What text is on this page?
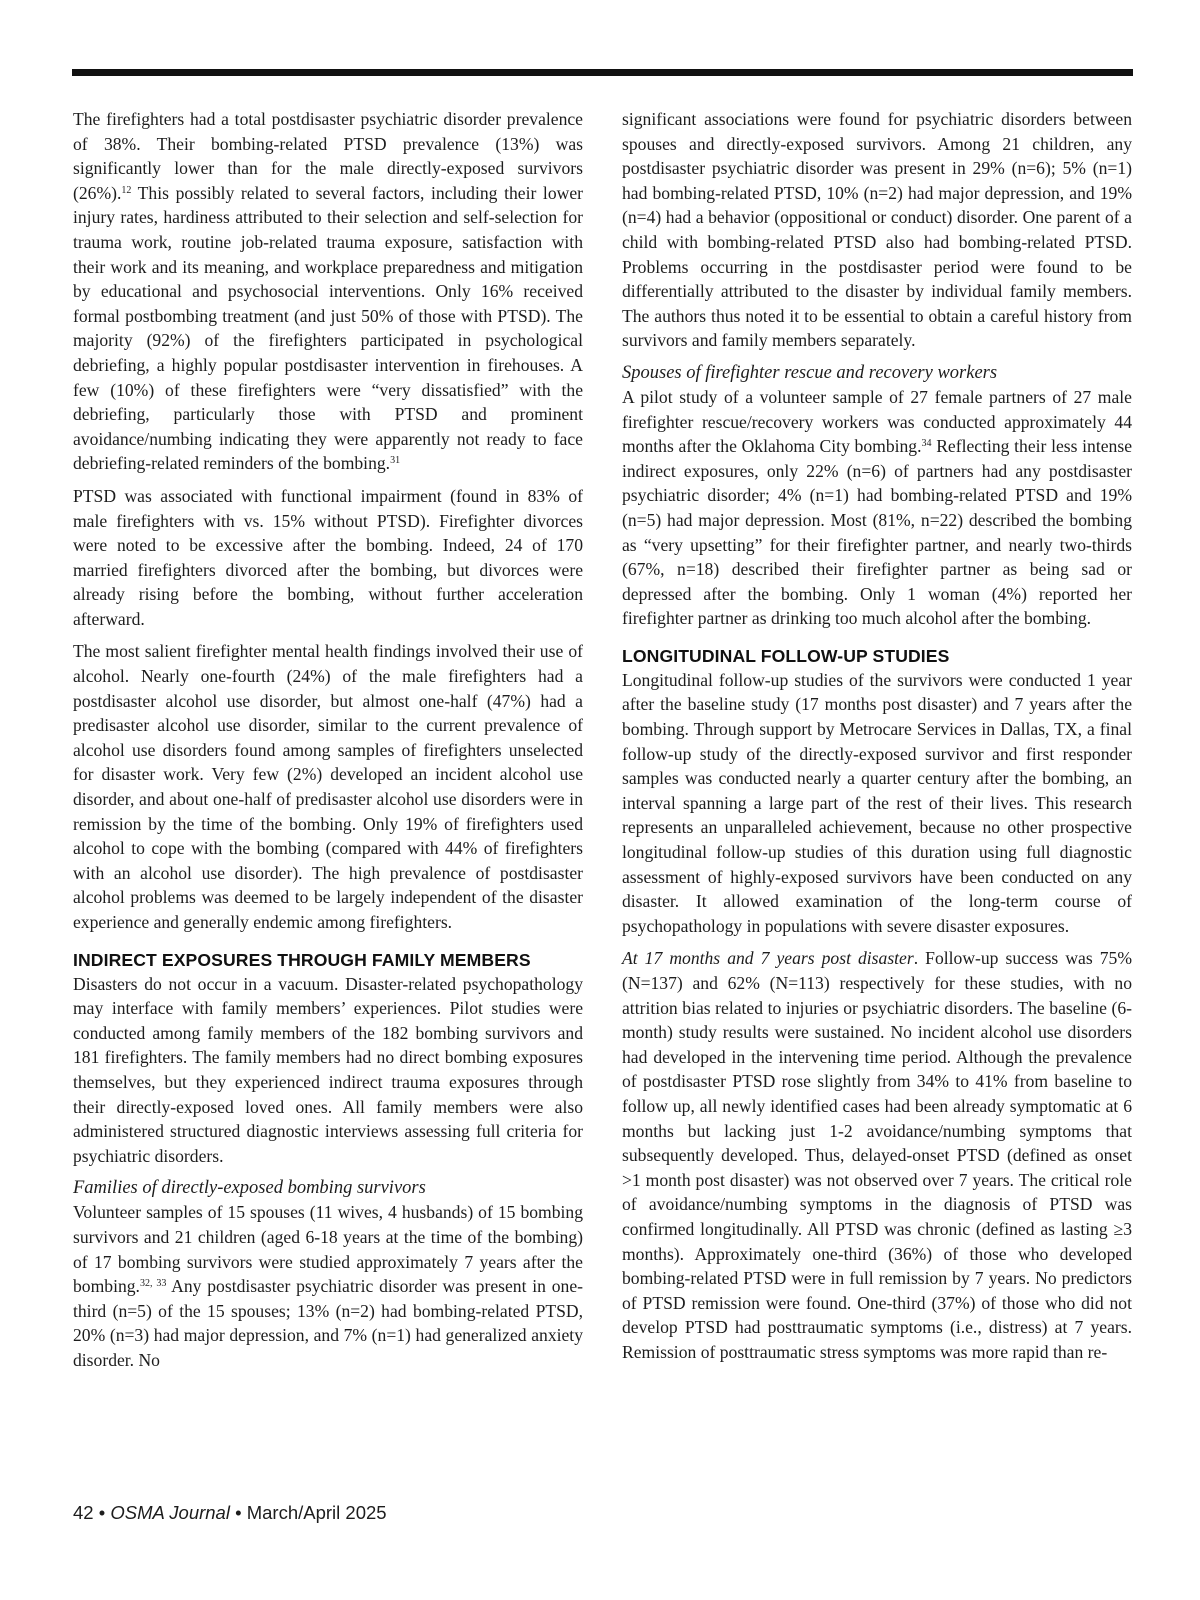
The firefighters had a total postdisaster psychiatric disorder prevalence of 38%. Their bombing-related PTSD prevalence (13%) was significantly lower than for the male directly-exposed survivors (26%).$^{12}$ This possibly related to several factors, including their lower injury rates, hardiness attributed to their selection and self-selection for trauma work, routine job-related trauma exposure, satisfaction with their work and its meaning, and workplace preparedness and mitigation by educational and psychosocial interventions. Only 16% received formal postbombing treatment (and just 50% of those with PTSD). The majority (92%) of the firefighters participated in psychological debriefing, a highly popular postdisaster intervention in firehouses. A few (10%) of these firefighters were “very dissatisfied” with the debriefing, particularly those with PTSD and prominent avoidance/numbing indicating they were apparently not ready to face debriefing-related reminders of the bombing.$^{31}$

PTSD was associated with functional impairment (found in 83% of male firefighters with vs. 15% without PTSD). Firefighter divorces were noted to be excessive after the bombing. Indeed, 24 of 170 married firefighters divorced after the bombing, but divorces were already rising before the bombing, without further acceleration afterward.

The most salient firefighter mental health findings involved their use of alcohol. Nearly one-fourth (24%) of the male firefighters had a postdisaster alcohol use disorder, but almost one-half (47%) had a predisaster alcohol use disorder, similar to the current prevalence of alcohol use disorders found among samples of firefighters unselected for disaster work. Very few (2%) developed an incident alcohol use disorder, and about one-half of predisaster alcohol use disorders were in remission by the time of the bombing. Only 19% of firefighters used alcohol to cope with the bombing (compared with 44% of firefighters with an alcohol use disorder). The high prevalence of postdisaster alcohol problems was deemed to be largely independent of the disaster experience and generally endemic among firefighters.

INDIRECT EXPOSURES THROUGH FAMILY MEMBERS

Disasters do not occur in a vacuum. Disaster-related psychopathology may interface with family members’ experiences. Pilot studies were conducted among family members of the 182 bombing survivors and 181 firefighters. The family members had no direct bombing exposures themselves, but they experienced indirect trauma exposures through their directly-exposed loved ones. All family members were also administered structured diagnostic interviews assessing full criteria for psychiatric disorders.

Families of directly-exposed bombing survivors

Volunteer samples of 15 spouses (11 wives, 4 husbands) of 15 bombing survivors and 21 children (aged 6-18 years at the time of the bombing) of 17 bombing survivors were studied approximately 7 years after the bombing.$^{32, 33}$ Any postdisaster psychiatric disorder was present in one-third (n=5) of the 15 spouses; 13% (n=2) had bombing-related PTSD, 20% (n=3) had major depression, and 7% (n=1) had generalized anxiety disorder. No

significant associations were found for psychiatric disorders between spouses and directly-exposed survivors. Among 21 children, any postdisaster psychiatric disorder was present in 29% (n=6); 5% (n=1) had bombing-related PTSD, 10% (n=2) had major depression, and 19% (n=4) had a behavior (oppositional or conduct) disorder. One parent of a child with bombing-related PTSD also had bombing-related PTSD. Problems occurring in the postdisaster period were found to be differentially attributed to the disaster by individual family members. The authors thus noted it to be essential to obtain a careful history from survivors and family members separately.

Spouses of firefighter rescue and recovery workers

A pilot study of a volunteer sample of 27 female partners of 27 male firefighter rescue/recovery workers was conducted approximately 44 months after the Oklahoma City bombing.$^{34}$ Reflecting their less intense indirect exposures, only 22% (n=6) of partners had any postdisaster psychiatric disorder; 4% (n=1) had bombing-related PTSD and 19% (n=5) had major depression. Most (81%, n=22) described the bombing as “very upsetting” for their firefighter partner, and nearly two-thirds (67%, n=18) described their firefighter partner as being sad or depressed after the bombing. Only 1 woman (4%) reported her firefighter partner as drinking too much alcohol after the bombing.

LONGITUDINAL FOLLOW-UP STUDIES

Longitudinal follow-up studies of the survivors were conducted 1 year after the baseline study (17 months post disaster) and 7 years after the bombing. Through support by Metrocare Services in Dallas, TX, a final follow-up study of the directly-exposed survivor and first responder samples was conducted nearly a quarter century after the bombing, an interval spanning a large part of the rest of their lives. This research represents an unparalleled achievement, because no other prospective longitudinal follow-up studies of this duration using full diagnostic assessment of highly-exposed survivors have been conducted on any disaster. It allowed examination of the long-term course of psychopathology in populations with severe disaster exposures.

At 17 months and 7 years post disaster. Follow-up success was 75% (N=137) and 62% (N=113) respectively for these studies, with no attrition bias related to injuries or psychiatric disorders. The baseline (6-month) study results were sustained. No incident alcohol use disorders had developed in the intervening time period. Although the prevalence of postdisaster PTSD rose slightly from 34% to 41% from baseline to follow up, all newly identified cases had been already symptomatic at 6 months but lacking just 1-2 avoidance/numbing symptoms that subsequently developed. Thus, delayed-onset PTSD (defined as onset >1 month post disaster) was not observed over 7 years. The critical role of avoidance/numbing symptoms in the diagnosis of PTSD was confirmed longitudinally. All PTSD was chronic (defined as lasting ≥3 months). Approximately one-third (36%) of those who developed bombing-related PTSD were in full remission by 7 years. No predictors of PTSD remission were found. One-third (37%) of those who did not develop PTSD had posttraumatic symptoms (i.e., distress) at 7 years. Remission of posttraumatic stress symptoms was more rapid than re-

42 • OSMA Journal • March/April 2025
